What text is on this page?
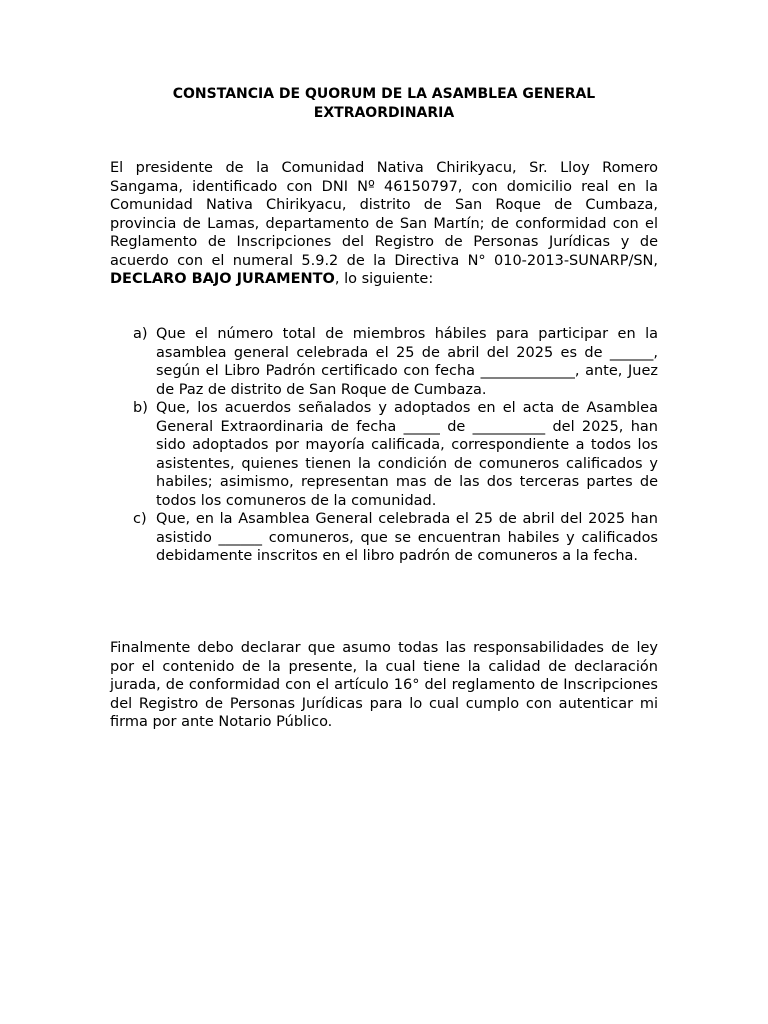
CONSTANCIA DE QUORUM DE LA ASAMBLEA GENERAL EXTRAORDINARIA

El presidente de la Comunidad Nativa Chirikyacu, Sr. Lloy Romero Sangama, identificado con DNI Nº 46150797, con domicilio real en la Comunidad Nativa Chirikyacu, distrito de San Roque de Cumbaza, provincia de Lamas, departamento de San Martín; de conformidad con el Reglamento de Inscripciones del Registro de Personas Jurídicas y de acuerdo con el numeral 5.9.2 de la Directiva N° 010-2013-SUNARP/SN, DECLARO BAJO JURAMENTO, lo siguiente:

a) Que el número total de miembros hábiles para participar en la asamblea general celebrada el 25 de abril del 2025 es de ______, según el Libro Padrón certificado con fecha _____________, ante, Juez de Paz de distrito de San Roque de Cumbaza.
b) Que, los acuerdos señalados y adoptados en el acta de Asamblea General Extraordinaria de fecha _____ de __________ del 2025, han sido adoptados por mayoría calificada, correspondiente a todos los asistentes, quienes tienen la condición de comuneros calificados y habiles; asimismo, representan mas de las dos terceras partes de todos los comuneros de la comunidad.
c) Que, en la Asamblea General celebrada el 25 de abril del 2025 han asistido ______ comuneros, que se encuentran habiles y calificados debidamente inscritos en el libro padrón de comuneros a la fecha.

Finalmente debo declarar que asumo todas las responsabilidades de ley por el contenido de la presente, la cual tiene la calidad de declaración jurada, de conformidad con el artículo 16° del reglamento de Inscripciones del Registro de Personas Jurídicas para lo cual cumplo con autenticar mi firma por ante Notario Público.
